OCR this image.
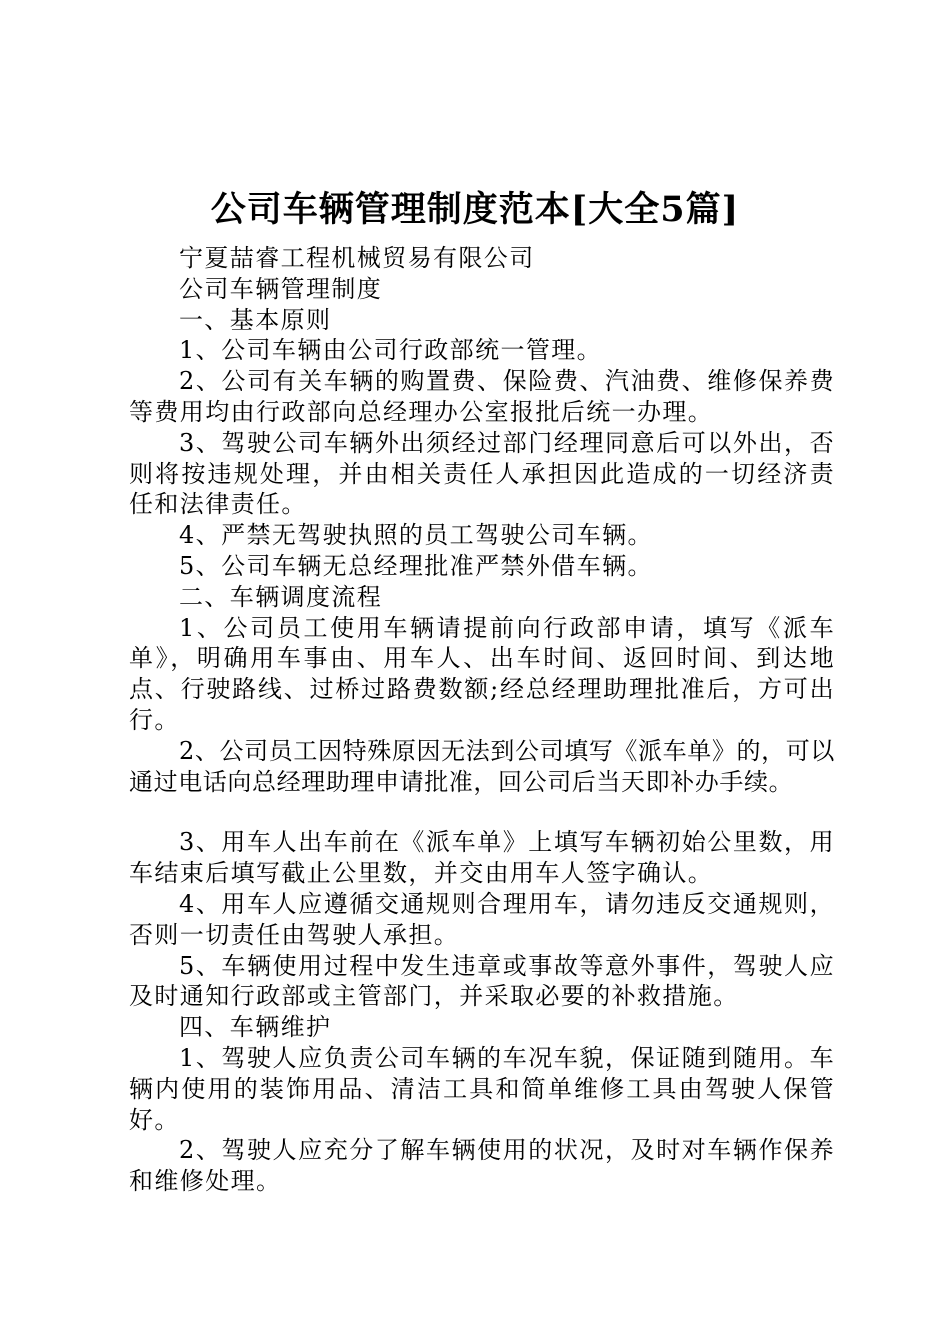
公司车辆管理制度范本[大全5篇]

宁夏喆睿工程机械贸易有限公司

公司车辆管理制度

一、基本原则

1、公司车辆由公司行政部统一管理。

2、公司有关车辆的购置费、保险费、汽油费、维修保养费等费用均由行政部向总经理办公室报批后统一办理。

3、驾驶公司车辆外出须经过部门经理同意后可以外出，否则将按违规处理，并由相关责任人承担因此造成的一切经济责任和法律责任。

4、严禁无驾驶执照的员工驾驶公司车辆。

5、公司车辆无总经理批准严禁外借车辆。

二、车辆调度流程

1、公司员工使用车辆请提前向行政部申请，填写《派车单》，明确用车事由、用车人、出车时间、返回时间、到达地点、行驶路线、过桥过路费数额;经总经理助理批准后，方可出行。

2、公司员工因特殊原因无法到公司填写《派车单》的，可以通过电话向总经理助理申请批准，回公司后当天即补办手续。

3、用车人出车前在《派车单》上填写车辆初始公里数，用车结束后填写截止公里数，并交由用车人签字确认。

4、用车人应遵循交通规则合理用车，请勿违反交通规则，否则一切责任由驾驶人承担。

5、车辆使用过程中发生违章或事故等意外事件，驾驶人应及时通知行政部或主管部门，并采取必要的补救措施。

四、车辆维护

1、驾驶人应负责公司车辆的车况车貌，保证随到随用。车辆内使用的装饰用品、清洁工具和简单维修工具由驾驶人保管好。

2、驾驶人应充分了解车辆使用的状况，及时对车辆作保养和维修处理。
